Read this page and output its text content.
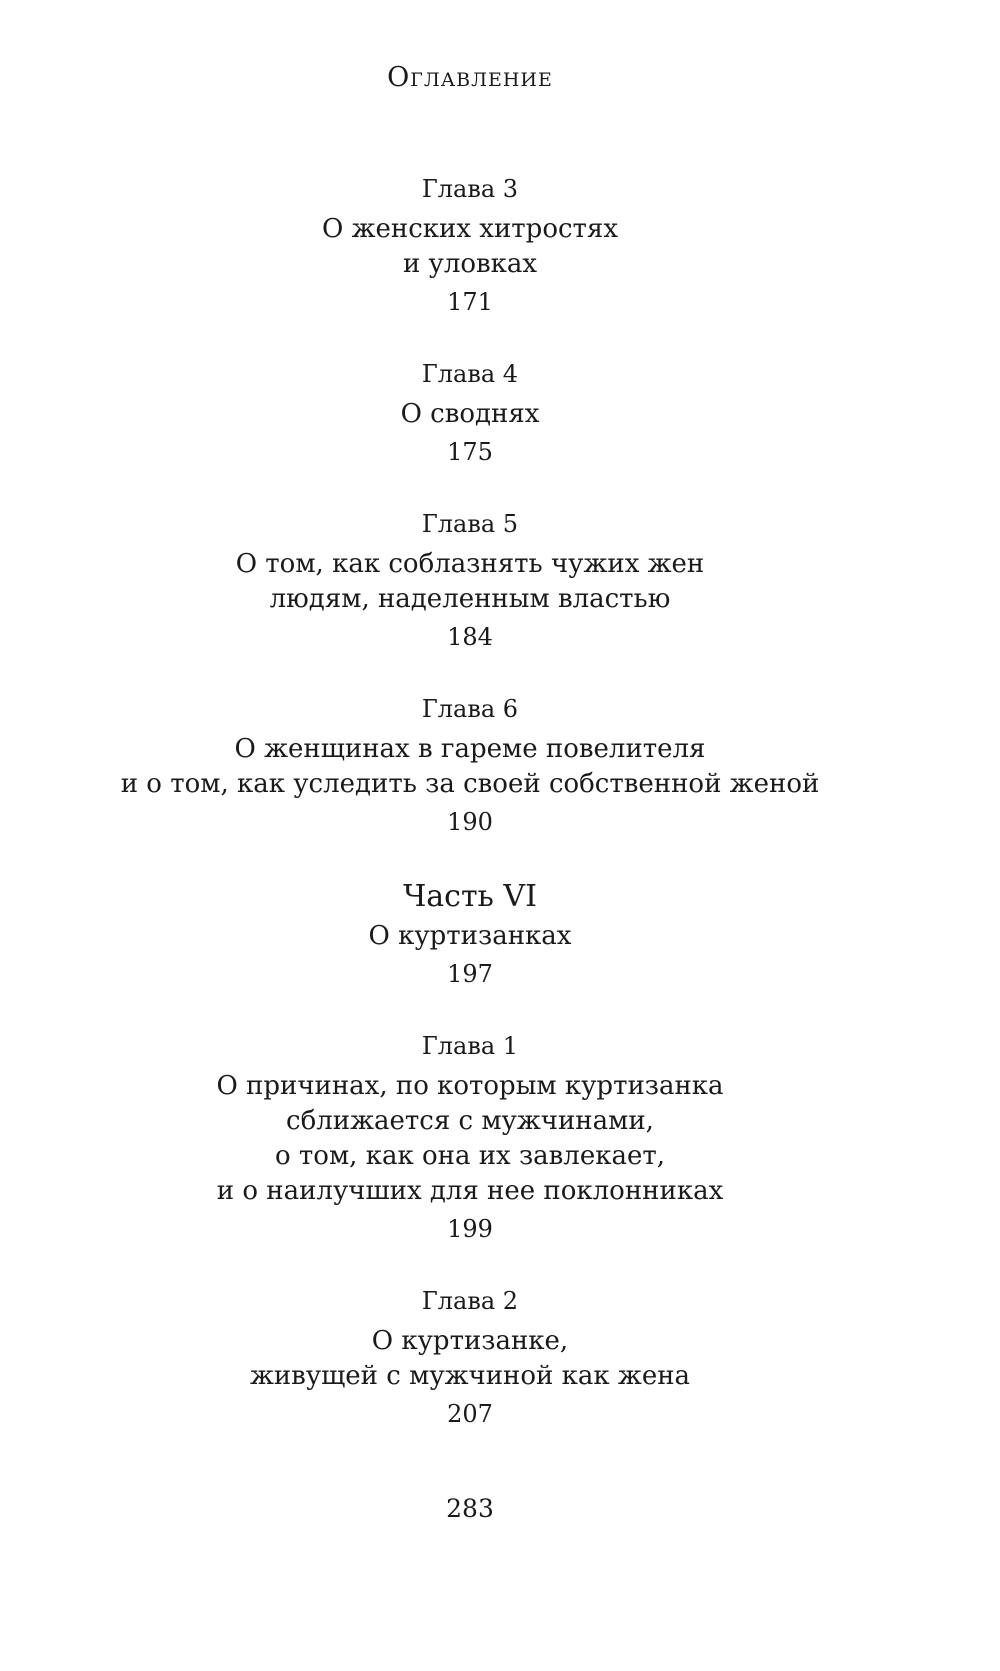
Оглавление
Глава 3
О женских хитростях
и уловках
171
Глава 4
О своднях
175
Глава 5
О том, как соблазнять чужих жен
людям, наделенным властью
184
Глава 6
О женщинах в гареме повелителя
и о том, как уследить за своей собственной женой
190
Часть VI
О куртизанках
197
Глава 1
О причинах, по которым куртизанка
сближается с мужчинами,
о том, как она их завлекает,
и о наилучших для нее поклонниках
199
Глава 2
О куртизанке,
живущей с мужчиной как жена
207
283
